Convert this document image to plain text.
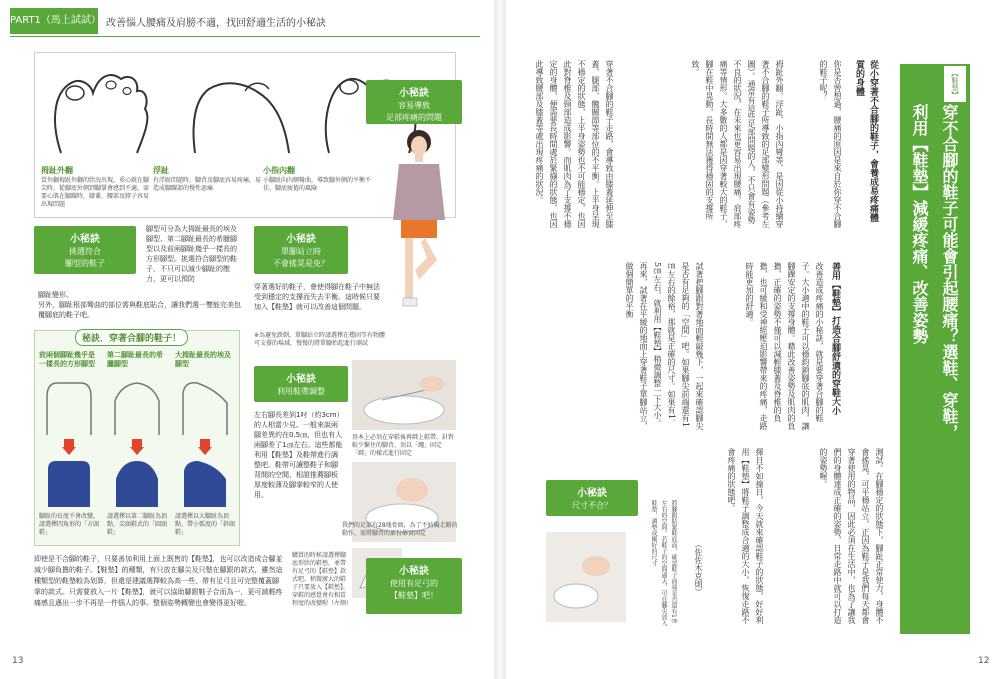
PART1（馬上試試） 改善惱人腰痛及肩膀不適，找回舒適生活的小秘訣
拇趾外翻
當外翻拇趾外翻的狀況出現，重心就在腳尖時，從腳底外側到腳掌會感到不適，需要心肌在腳踝時，膝蓋、腰部及脖子容易出現問題
浮趾
有浮趾問題時，腳背及腳底容易疼痛，易造成腳踝部的慢性惡痛
小指內翻
小腳趾向內側彎曲，導致腳外側的平衡不佳，腳底疲倦的風險
小秘訣
容易導致
足部疼痛的問題
小秘訣
挑選符合
腳型的鞋子
腳型可分為大拇趾最長的埃及腳型、第二腳趾最長的希臘腳型以及前兩腳趾幾乎一樣長的方形腳型。挑選符合腳型的鞋子，不只可以減少腳趾的壓力，更可以預防
腳趾變形。
另外，腳趾根部彎曲的部位需與鞋底貼合，讓我們選一雙能完美包覆腳底的鞋子吧。
小秘訣
單腳站立時
不會搖晃是免？
穿著選好的鞋子，會使得腳在鞋子中無法受到穩定的支撐而失去平衡。這時候只要加入【鞋墊】就可以改善這個問題。
※為避免跌倒，單腳站立時請選擇在穩固等有物體可支撐的場域，慢慢的將單腳抬起進行測試
秘訣．穿著合腳的鞋子！
前兩個腳趾幾乎是一樣長的方形腳型
第二腳趾最長的希臘腳型
大拇趾最長的埃及腳型
腳趾的長度不會改變，請選擇四角形的「方頭鞋」
請選擇以第二腳趾為頂點、尖頭鞋式的「圓頭鞋」
請選擇以大腳趾為頂點、帶小弧度的「斜頭鞋」
小秘訣
利用鞋帶調整
左右腳長差到1吋（約3cm）的人相當少見。一般來說兩腳差異約在0.5㎝，但也有人兩腳差了1㎝左右。這些都能利用【鞋墊】及鞋帶進行調整吧。鞋帶可讓整鞋子和腳背間的空間，相證推薦腳板厚度較薄及腳掌較窄的人使用。
基本上必須在穿鞋後再綁上鞋帶。針對較少繫住的腳背，須以「繩」固定「綁」的樣式進行固定
我們的足部有28塊骨頭，為了不妨礙走路的動作，需將腳背的部份確實固定
購買的時候請選擇腳底形狀的鞋墊，並帶有足弓的【鞋墊】款式吧。稍微廣大的鞋子只要放入【鞋墊】，穿鞋的感覺會有相當程度的改變喔（左側）
小秘訣
使用有足弓的
【鞋墊】吧！
即使是不合腳的鞋子，只要善加利用上面上既售的【鞋墊】，也可以改造成合腳並減少腳負擔的鞋子。【鞋墊】的種類，有只放在腳尖及只墊在腳跟的款式，雖然這種類型的鞋墊較為划算，但還是建議選擇較為高一些，帶有足弓且可完整覆蓋腳掌的款式。只需要放入一片【鞋墊】，就可以協助腳跟鞋子合而為一，更可減輕疼痛感且邁出一步不再是一件惱人的事。整個姿勢轉變也會變得更好喔。
13
穿不合腳的鞋子可能會引起腰痛？選鞋、穿鞋，
利用【鞋墊】減緩疼痛、改善姿勢
【鞋墊】
從小穿著不合腳的鞋子，會養成易疼痛體質的身體
你是否曾想過，腰痛的原因是來自於你穿不合腳的鞋子呢？
拇趾外翻、浮趾、小指內彎等，是因從小持續穿著不合腳的鞋子所導致的足部變形問題（參考左圖）。通常有這些足部問題的人，不只會有姿勢不良的狀況，在未來也更容易出現腰痛、肩部疼痛等情形。大多數的人都是因穿著較大的鞋子，腳在鞋中晃動，長時間無法獲得穩固的支撐所致。
穿著不合腳的鞋子走路，會導致由膝蓋延伸至膝蓋、腿部、髖關節等部位的不平衡。上半身呈現不穩定的狀態，上半身姿勢也不可能穩定，也因此對脊椎及頸部造成影響。而肌肉為了支撐不穩定的身體，便需要長時間處於緊繃的狀態，也因此導致腰部及膝蓋等處出現疼痛的狀況。
善用【鞋墊】打造合腳舒適的穿鞋大小
改善造成疼痛的小秘訣，就是要穿著合腳的鞋子。大小適中的鞋子可以穩鈞鎖腳底的肌肉，讓腳踝安定的支撐身體。藉此改善姿勢及肌肉的負擔，正確的姿勢不僅可以減輕膝蓋及脊椎的負擔，也可緩和受神經壓迫影響帶來的疼痛，走路時能更加的舒適。
試著把腳跟對著地面輕敲幾下，一起來確認腳尖是否有足夠的「空間」吧。如果腳尖前端還有1㎝左右的餘裕，那就是正確的尺寸。如果有1．5㎝左右，就利用【鞋墊】稍微調整一下大小。再來，試著在平緩的地面上穿著鞋子單腳站立，做個簡單的平衡
測試。在腳穩定的狀態下，腳趾正常使力，身體不會搖晃，可平穩站立，正因為鞋子是我們每天都會穿著使用的物品，因此必須在生活中，也為了讓我們的身體達成正確的姿勢，日常走路中就可以打造的姿勢喔。
擇日不如撞日，今天就來確認鞋子的狀態，好好利用【鞋墊】將鞋子調整成合適的大小，恢復走路不會疼痛的狀態吧。
（佐佐木克則）
小秘訣
尺寸不合？	將腳跟貼緊鞋底面，確認鞋子前端是否還有1㎝左右的空間。若鞋子的空間過大，可在腳尖放入鞋墊，調整成剛好的尺寸
12
